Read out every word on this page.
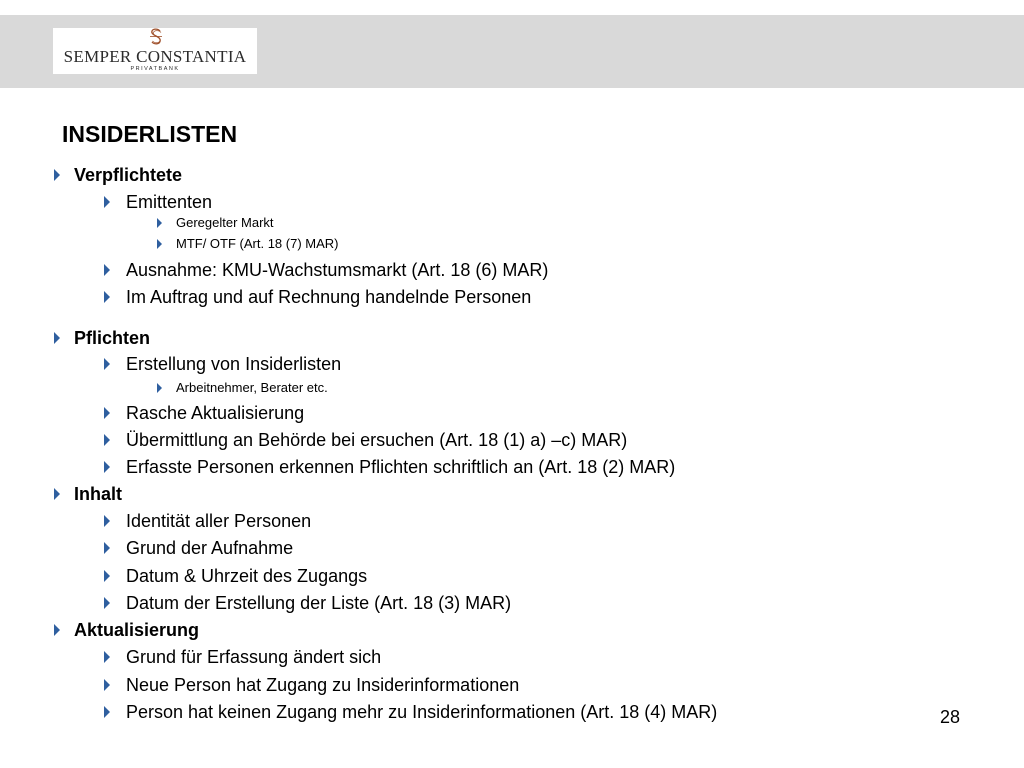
SEMPER CONSTANTIA
PRIVATBANK
INSIDERLISTEN
Verpflichtete
Emittenten
Geregelter Markt
MTF/ OTF (Art. 18 (7) MAR)
Ausnahme: KMU-Wachstumsmarkt (Art. 18 (6) MAR)
Im Auftrag und auf Rechnung handelnde Personen
Pflichten
Erstellung von Insiderlisten
Arbeitnehmer, Berater etc.
Rasche Aktualisierung
Übermittlung an Behörde bei ersuchen (Art. 18 (1) a) –c) MAR)
Erfasste Personen erkennen Pflichten schriftlich an (Art. 18 (2) MAR)
Inhalt
Identität aller Personen
Grund der Aufnahme
Datum & Uhrzeit des Zugangs
Datum der Erstellung der Liste (Art. 18 (3) MAR)
Aktualisierung
Grund für Erfassung ändert sich
Neue Person hat Zugang zu Insiderinformationen
Person hat keinen Zugang mehr zu Insiderinformationen (Art. 18 (4) MAR)	28
